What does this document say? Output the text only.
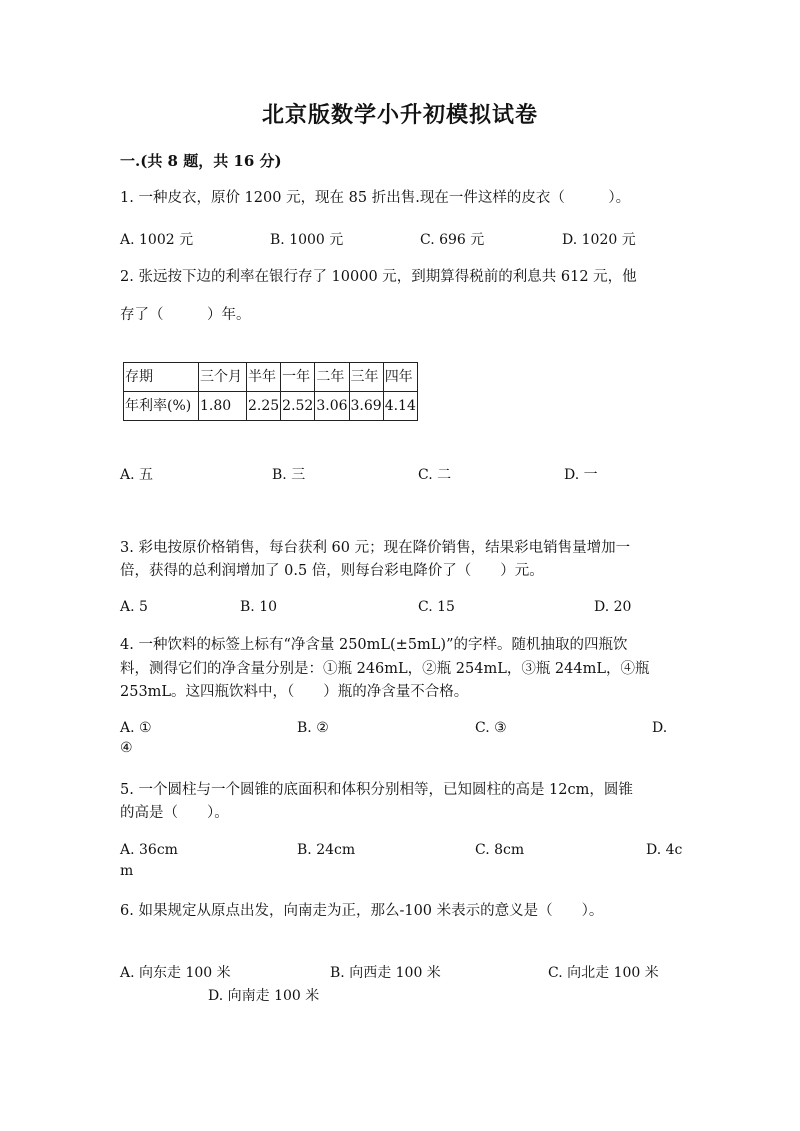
北京版数学小升初模拟试卷
一.(共 8 题，共 16 分)
1. 一种皮衣，原价 1200 元，现在 85 折出售.现在一件这样的皮衣（　　　）。
A. 1002 元	B. 1000 元	C. 696 元	D. 1020 元
2. 张远按下边的利率在银行存了 10000 元，到期算得税前的利息共 612 元，他
存了（　　　）年。
存期	三个月	半年	一年	二年	三年	四年
年利率(%)	1.80	2.25	2.52	3.06	3.69	4.14
A. 五	B. 三	C. 二	D. 一
3. 彩电按原价格销售，每台获利 60 元；现在降价销售，结果彩电销售量增加一
倍，获得的总利润增加了 0.5 倍，则每台彩电降价了（　　）元。
A. 5	B. 10	C. 15	D. 20
4. 一种饮料的标签上标有“净含量 250mL(±5mL)”的字样。随机抽取的四瓶饮
料，测得它们的净含量分别是：①瓶 246mL，②瓶 254mL，③瓶 244mL，④瓶
253mL。这四瓶饮料中，（　　）瓶的净含量不合格。
A. ①	B. ②	C. ③	D.
④
5. 一个圆柱与一个圆锥的底面积和体积分别相等，已知圆柱的高是 12cm，圆锥
的高是（　　）。
A. 36cm	B. 24cm	C. 8cm	D. 4c
m
6. 如果规定从原点出发，向南走为正，那么-100 米表示的意义是（　　）。
A. 向东走 100 米	B. 向西走 100 米	C. 向北走 100 米
D. 向南走 100 米
